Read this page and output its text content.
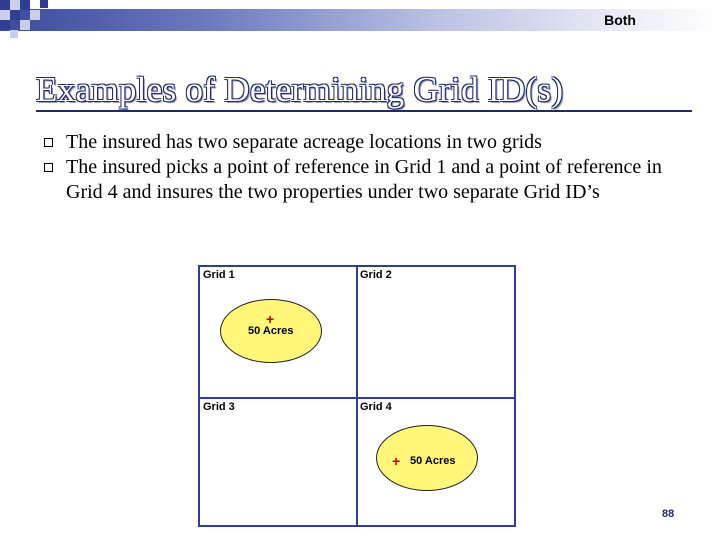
Both
Examples of Determining Grid ID(s)
The insured has two separate acreage locations in two grids
The insured picks a point of reference in Grid 1 and a point of reference in Grid 4 and insures the two properties under two separate Grid ID’s
Grid 1	Grid 2
Grid 3	Grid 4
+
50 Acres
+ 50 Acres
88
